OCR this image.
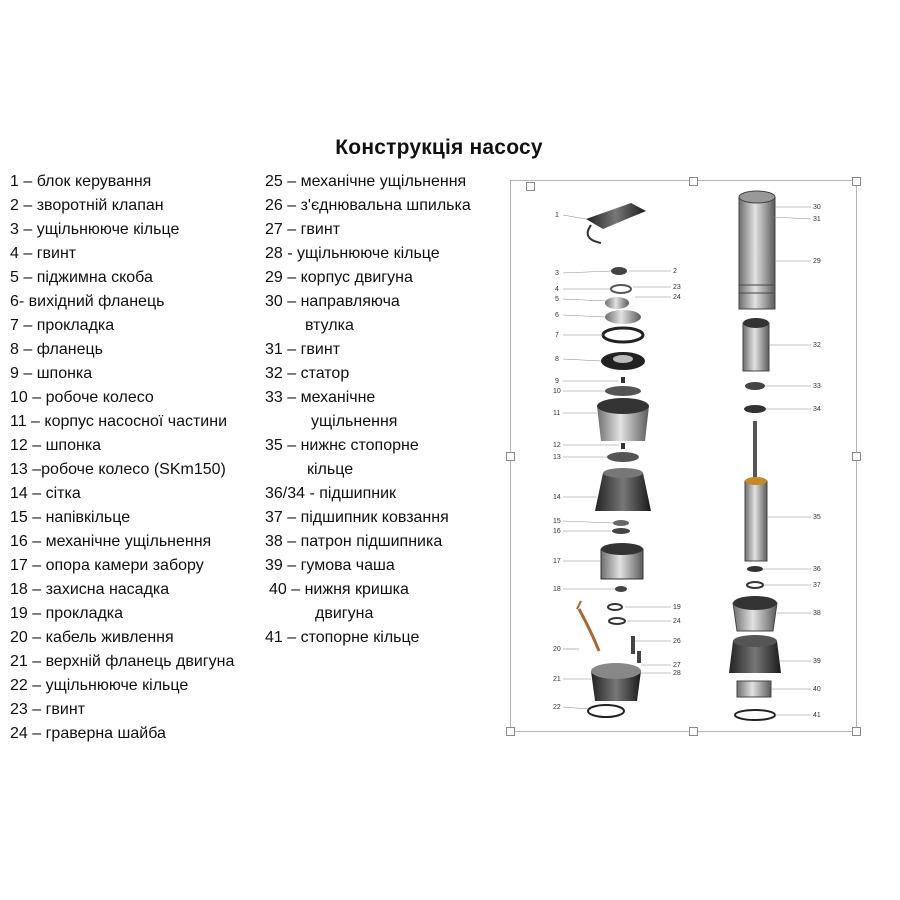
Конструкція насосу
1 – блок керування
2 – зворотній клапан
3 – ущільнююче кільце
4 – гвинт
5 – піджимна скоба
6- вихідний фланець
7 – прокладка
8 – фланець
9 – шпонка
10 – робоче колесо
11 – корпус насосної частини
12 – шпонка
13 –робоче колесо (SKm150)
14 – сітка
15 – напівкільце
16 – механічне ущільнення
17 – опора камери забору
18 – захисна насадка
19 – прокладка
20 – кабель живлення
21 – верхній фланець двигуна
22 – ущільнююче кільце
23 – гвинт
24 – граверна шайба
25 – механічне ущільнення
26 – з'єднювальна шпилька
27 – гвинт
28 - ущільнююче кільце
29 – корпус двигуна
30 – направляюча
втулка
31 – гвинт
32 – статор
33 – механічне
ущільнення
35 – нижнє стопорне
кільце
36/34 - підшипник
37 – підшипник ковзання
38 – патрон підшипника
39 – гумова чаша
40 – нижня кришка
двигуна
41 – стопорне кільце
1
3
4
5
6
7
8
9
10
11
12
13
14
15
16
17
18
20
21
22
2
23
24
19
24
26
27
28
30
31
29
32
33
34
35
36
37
38
39
40
41
